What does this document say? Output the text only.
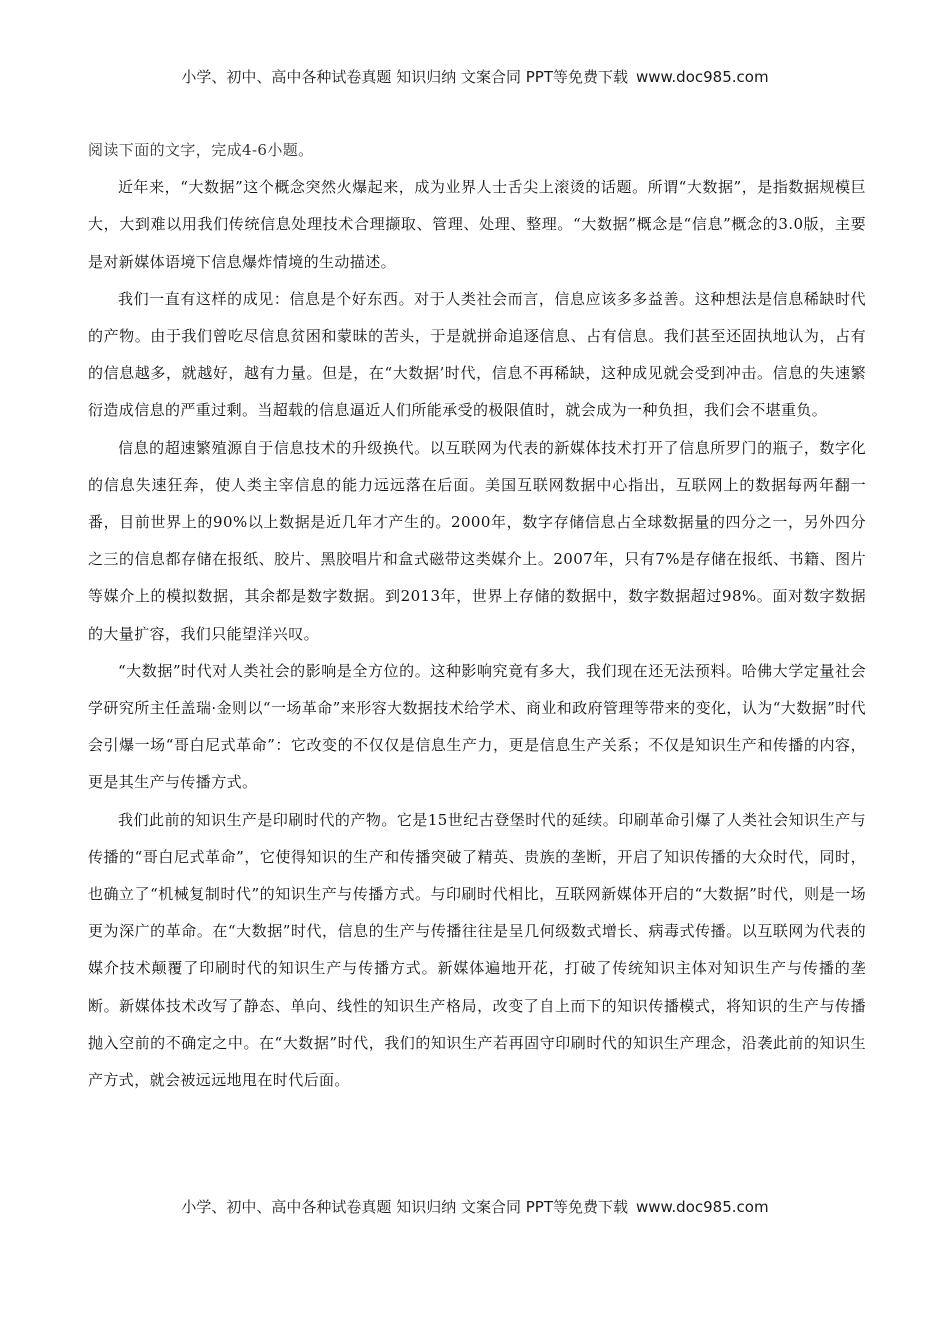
小学、初中、高中各种试卷真题 知识归纳 文案合同 PPT等免费下载 www.doc985.com

阅读下面的文字，完成4-6小题。

近年来，“大数据”这个概念突然火爆起来，成为业界人士舌尖上滚烫的话题。所谓“大数据”，是指数据规模巨大，大到难以用我们传统信息处理技术合理撷取、管理、处理、整理。“大数据”概念是“信息”概念的3.0版，主要是对新媒体语境下信息爆炸情境的生动描述。

我们一直有这样的成见：信息是个好东西。对于人类社会而言，信息应该多多益善。这种想法是信息稀缺时代的产物。由于我们曾吃尽信息贫困和蒙昧的苦头，于是就拼命追逐信息、占有信息。我们甚至还固执地认为，占有的信息越多，就越好，越有力量。但是，在“大数据’时代，信息不再稀缺，这种成见就会受到冲击。信息的失速繁衍造成信息的严重过剩。当超载的信息逼近人们所能承受的极限值时，就会成为一种负担，我们会不堪重负。

信息的超速繁殖源自于信息技术的升级换代。以互联网为代表的新媒体技术打开了信息所罗门的瓶子，数字化的信息失速狂奔，使人类主宰信息的能力远远落在后面。美国互联网数据中心指出，互联网上的数据每两年翻一番，目前世界上的90%以上数据是近几年才产生的。2000年，数字存储信息占全球数据量的四分之一，另外四分之三的信息都存储在报纸、胶片、黑胶唱片和盒式磁带这类媒介上。2007年，只有7%是存储在报纸、书籍、图片等媒介上的模拟数据，其余都是数字数据。到2013年，世界上存储的数据中，数字数据超过98%。面对数字数据的大量扩容，我们只能望洋兴叹。

“大数据”时代对人类社会的影响是全方位的。这种影响究竟有多大，我们现在还无法预料。哈佛大学定量社会学研究所主任盖瑞·金则以“一场革命”来形容大数据技术给学术、商业和政府管理等带来的变化，认为“大数据”时代会引爆一场“哥白尼式革命”：它改变的不仅仅是信息生产力，更是信息生产关系；不仅是知识生产和传播的内容，更是其生产与传播方式。

我们此前的知识生产是印刷时代的产物。它是15世纪古登堡时代的延续。印刷革命引爆了人类社会知识生产与传播的“哥白尼式革命”，它使得知识的生产和传播突破了精英、贵族的垄断，开启了知识传播的大众时代，同时，也确立了“机械复制时代”的知识生产与传播方式。与印刷时代相比，互联网新媒体开启的“大数据”时代，则是一场更为深广的革命。在“大数据”时代，信息的生产与传播往往是呈几何级数式增长、病毒式传播。以互联网为代表的媒介技术颠覆了印刷时代的知识生产与传播方式。新媒体遍地开花，打破了传统知识主体对知识生产与传播的垄断。新媒体技术改写了静态、单向、线性的知识生产格局，改变了自上而下的知识传播模式，将知识的生产与传播抛入空前的不确定之中。在“大数据”时代，我们的知识生产若再固守印刷时代的知识生产理念，沿袭此前的知识生产方式，就会被远远地甩在时代后面。

小学、初中、高中各种试卷真题 知识归纳 文案合同 PPT等免费下载 www.doc985.com
